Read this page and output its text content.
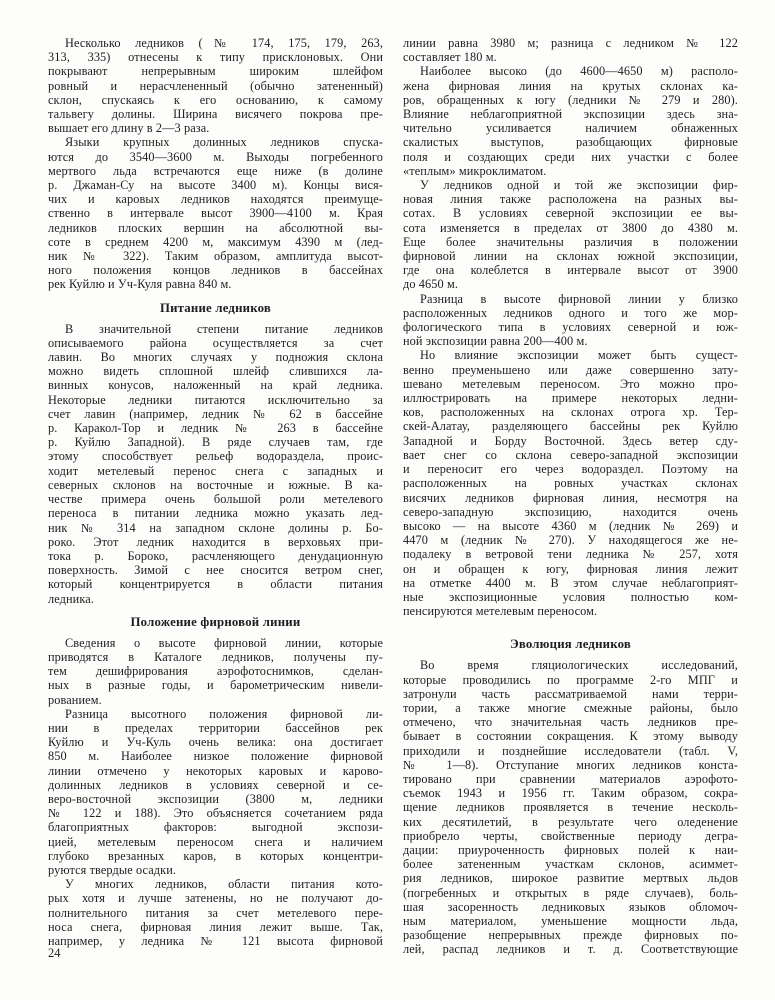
Несколько ледников (№ 174, 175, 179, 263,
313, 335) отнесены к типу присклоновых. Они
покрывают непрерывным широким шлейфом
ровный и нерасчлененный (обычно затененный)
склон, спускаясь к его основанию, к самому
тальвегу долины. Ширина висячего покрова пре-
вышает его длину в 2—3 раза.
Языки крупных долинных ледников спуска-
ются до 3540—3600 м. Выходы погребенного
мертвого льда встречаются еще ниже (в долине
р. Джаман-Су на высоте 3400 м). Концы вися-
чих и каровых ледников находятся преимуще-
ственно в интервале высот 3900—4100 м. Края
ледников плоских вершин на абсолютной вы-
соте в среднем 4200 м, максимум 4390 м (лед-
ник № 322). Таким образом, амплитуда высот-
ного положения концов ледников в бассейнах
рек Куйлю и Уч-Куля равна 840 м.
Питание ледников
В значительной степени питание ледников
описываемого района осуществляется за счет
лавин. Во многих случаях у подножия склона
можно видеть сплошной шлейф слившихся ла-
винных конусов, наложенный на край ледника.
Некоторые ледники питаются исключительно за
счет лавин (например, ледник № 62 в бассейне
р. Каракол-Тор и ледник № 263 в бассейне
р. Куйлю Западной). В ряде случаев там, где
этому способствует рельеф водораздела, проис-
ходит метелевый перенос снега с западных и
северных склонов на восточные и южные. В ка-
честве примера очень большой роли метелевого
переноса в питании ледника можно указать лед-
ник № 314 на западном склоне долины р. Бо-
роко. Этот ледник находится в верховьях при-
тока р. Бороко, расчленяющего денудационную
поверхность. Зимой с нее сносится ветром снег,
который концентрируется в области питания
ледника.
Положение фирновой линии
Сведения о высоте фирновой линии, которые
приводятся в Каталоге ледников, получены пу-
тем дешифрирования аэрофотоснимков, сделан-
ных в разные годы, и барометрическим нивели-
рованием.
Разница высотного положения фирновой ли-
нии в пределах территории бассейнов рек
Куйлю и Уч-Куль очень велика: она достигает
850 м. Наиболее низкое положение фирновой
линии отмечено у некоторых каровых и карово-
долинных ледников в условиях северной и се-
веро-восточной экспозиции (3800 м, ледники
№ 122 и 188). Это объясняется сочетанием ряда
благоприятных факторов: выгодной экспози-
цией, метелевым переносом снега и наличием
глубоко врезанных каров, в которых концентри-
руются твердые осадки.
У многих ледников, области питания кото-
рых хотя и лучше затенены, но не получают до-
полнительного питания за счет метелевого пере-
носа снега, фирновая линия лежит выше. Так,
например, у ледника № 121 высота фирновой
линии равна 3980 м; разница с ледником № 122
составляет 180 м.
Наиболее высоко (до 4600—4650 м) располо-
жена фирновая линия на крутых склонах ка-
ров, обращенных к югу (ледники № 279 и 280).
Влияние неблагоприятной экспозиции здесь зна-
чительно усиливается наличием обнаженных
скалистых выступов, разобщающих фирновые
поля и создающих среди них участки с более
«теплым» микроклиматом.
У ледников одной и той же экспозиции фир-
новая линия также расположена на разных вы-
сотах. В условиях северной экспозиции ее вы-
сота изменяется в пределах от 3800 до 4380 м.
Еще более значительны различия в положении
фирновой линии на склонах южной экспозиции,
где она колеблется в интервале высот от 3900
до 4650 м.
Разница в высоте фирновой линии у близко
расположенных ледников одного и того же мор-
фологического типа в условиях северной и юж-
ной экспозиции равна 200—400 м.
Но влияние экспозиции может быть сущест-
венно преуменьшено или даже совершенно зату-
шевано метелевым переносом. Это можно про-
иллюстрировать на примере некоторых ледни-
ков, расположенных на склонах отрога хр. Тер-
скей-Алатау, разделяющего бассейны рек Куйлю
Западной и Борду Восточной. Здесь ветер сду-
вает снег со склона северо-западной экспозиции
и переносит его через водораздел. Поэтому на
расположенных на ровных участках склонах
висячих ледников фирновая линия, несмотря на
северо-западную экспозицию, находится очень
высоко — на высоте 4360 м (ледник № 269) и
4470 м (ледник № 270). У находящегося же не-
подалеку в ветровой тени ледника № 257, хотя
он и обращен к югу, фирновая линия лежит
на отметке 4400 м. В этом случае неблагоприят-
ные экспозиционные условия полностью ком-
пенсируются метелевым переносом.
Эволюция ледников
Во время гляциологических исследований,
которые проводились по программе 2-го МПГ и
затронули часть рассматриваемой нами терри-
тории, а также многие смежные районы, было
отмечено, что значительная часть ледников пре-
бывает в состоянии сокращения. К этому выводу
приходили и позднейшие исследователи (табл. V,
№ 1—8). Отступание многих ледников конста-
тировано при сравнении материалов аэрофото-
съемок 1943 и 1956 гг. Таким образом, сокра-
щение ледников проявляется в течение несколь-
ких десятилетий, в результате чего оледенение
приобрело черты, свойственные периоду дегра-
дации: приуроченность фирновых полей к наи-
более затененным участкам склонов, асиммет-
рия ледников, широкое развитие мертвых льдов
(погребенных и открытых в ряде случаев), боль-
шая засоренность ледниковых языков обломоч-
ным материалом, уменьшение мощности льда,
разобщение непрерывных прежде фирновых по-
лей, распад ледников и т. д. Соответствующие
24
